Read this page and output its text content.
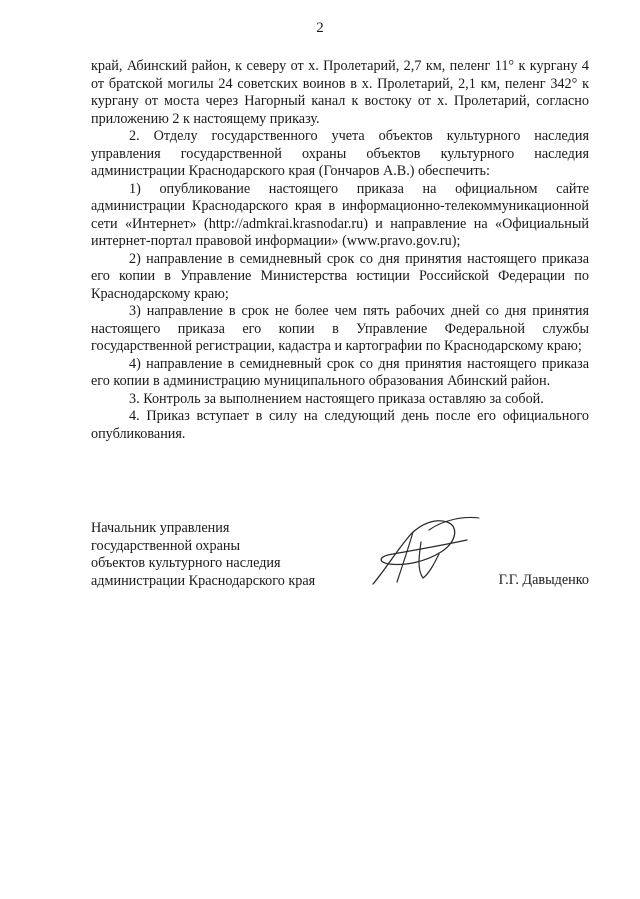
2

край, Абинский район, к северу от х. Пролетарий, 2,7 км, пеленг 11° к кургану 4 от братской могилы 24 советских воинов в х. Пролетарий, 2,1 км, пеленг 342° к кургану от моста через Нагорный канал к востоку от х. Пролетарий, согласно приложению 2 к настоящему приказу.

2. Отделу государственного учета объектов культурного наследия управления государственной охраны объектов культурного наследия администрации Краснодарского края (Гончаров А.В.) обеспечить:

1) опубликование настоящего приказа на официальном сайте администрации Краснодарского края в информационно-телекоммуникационной сети «Интернет» (http://admkrai.krasnodar.ru) и направление на «Официальный интернет-портал правовой информации» (www.pravo.gov.ru);

2) направление в семидневный срок со дня принятия настоящего приказа его копии в Управление Министерства юстиции Российской Федерации по Краснодарскому краю;

3) направление в срок не более чем пять рабочих дней со дня принятия настоящего приказа его копии в Управление Федеральной службы государственной регистрации, кадастра и картографии по Краснодарскому краю;

4) направление в семидневный срок со дня принятия настоящего приказа его копии в администрацию муниципального образования Абинский район.

3. Контроль за выполнением настоящего приказа оставляю за собой.

4. Приказ вступает в силу на следующий день после его официального опубликования.

Начальник управления
государственной охраны
объектов культурного наследия
администрации Краснодарского края	Г.Г. Давыденко
